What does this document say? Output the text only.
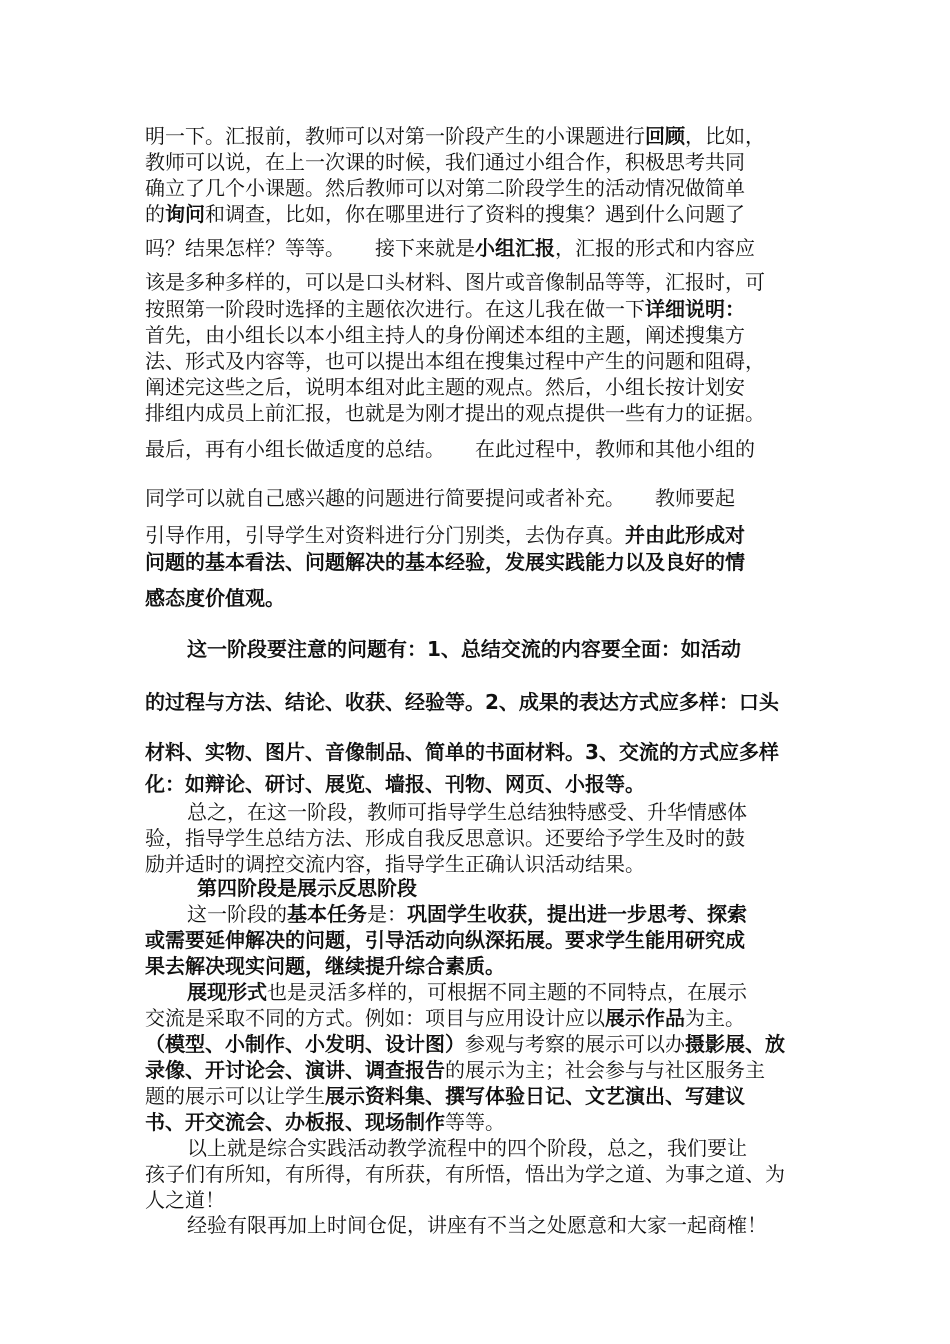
明一下。汇报前，教师可以对第一阶段产生的小课题进行回顾，比如，
教师可以说，在上一次课的时候，我们通过小组合作，积极思考共同
确立了几个小课题。然后教师可以对第二阶段学生的活动情况做简单
的询问和调查，比如，你在哪里进行了资料的搜集？遇到什么问题了
吗？结果怎样？等等。　　接下来就是小组汇报，汇报的形式和内容应
该是多种多样的，可以是口头材料、图片或音像制品等等，汇报时，可
按照第一阶段时选择的主题依次进行。在这儿我在做一下详细说明：
首先，由小组长以本小组主持人的身份阐述本组的主题，阐述搜集方
法、形式及内容等，也可以提出本组在搜集过程中产生的问题和阻碍，
阐述完这些之后，说明本组对此主题的观点。然后，小组长按计划安
排组内成员上前汇报，也就是为刚才提出的观点提供一些有力的证据。
最后，再有小组长做适度的总结。　　在此过程中，教师和其他小组的
同学可以就自己感兴趣的问题进行简要提问或者补充。　　教师要起
引导作用，引导学生对资料进行分门别类，去伪存真。并由此形成对
问题的基本看法、问题解决的基本经验，发展实践能力以及良好的情
感态度价值观。
这一阶段要注意的问题有：1、总结交流的内容要全面：如活动
的过程与方法、结论、收获、经验等。2、成果的表达方式应多样：口头
材料、实物、图片、音像制品、简单的书面材料。3、交流的方式应多样
化：如辩论、研讨、展览、墙报、刊物、网页、小报等。
总之，在这一阶段，教师可指导学生总结独特感受、升华情感体
验，指导学生总结方法、形成自我反思意识。还要给予学生及时的鼓
励并适时的调控交流内容，指导学生正确认识活动结果。
第四阶段是展示反思阶段
这一阶段的基本任务是：巩固学生收获，提出进一步思考、探索
或需要延伸解决的问题，引导活动向纵深拓展。要求学生能用研究成
果去解决现实问题，继续提升综合素质。
展现形式也是灵活多样的，可根据不同主题的不同特点，在展示
交流是采取不同的方式。例如：项目与应用设计应以展示作品为主。
（模型、小制作、小发明、设计图）参观与考察的展示可以办摄影展、放
录像、开讨论会、演讲、调查报告的展示为主；社会参与与社区服务主
题的展示可以让学生展示资料集、撰写体验日记、文艺演出、写建议
书、开交流会、办板报、现场制作等等。
以上就是综合实践活动教学流程中的四个阶段，总之，我们要让
孩子们有所知，有所得，有所获，有所悟，悟出为学之道、为事之道、为
人之道！
经验有限再加上时间仓促，讲座有不当之处愿意和大家一起商榷！
